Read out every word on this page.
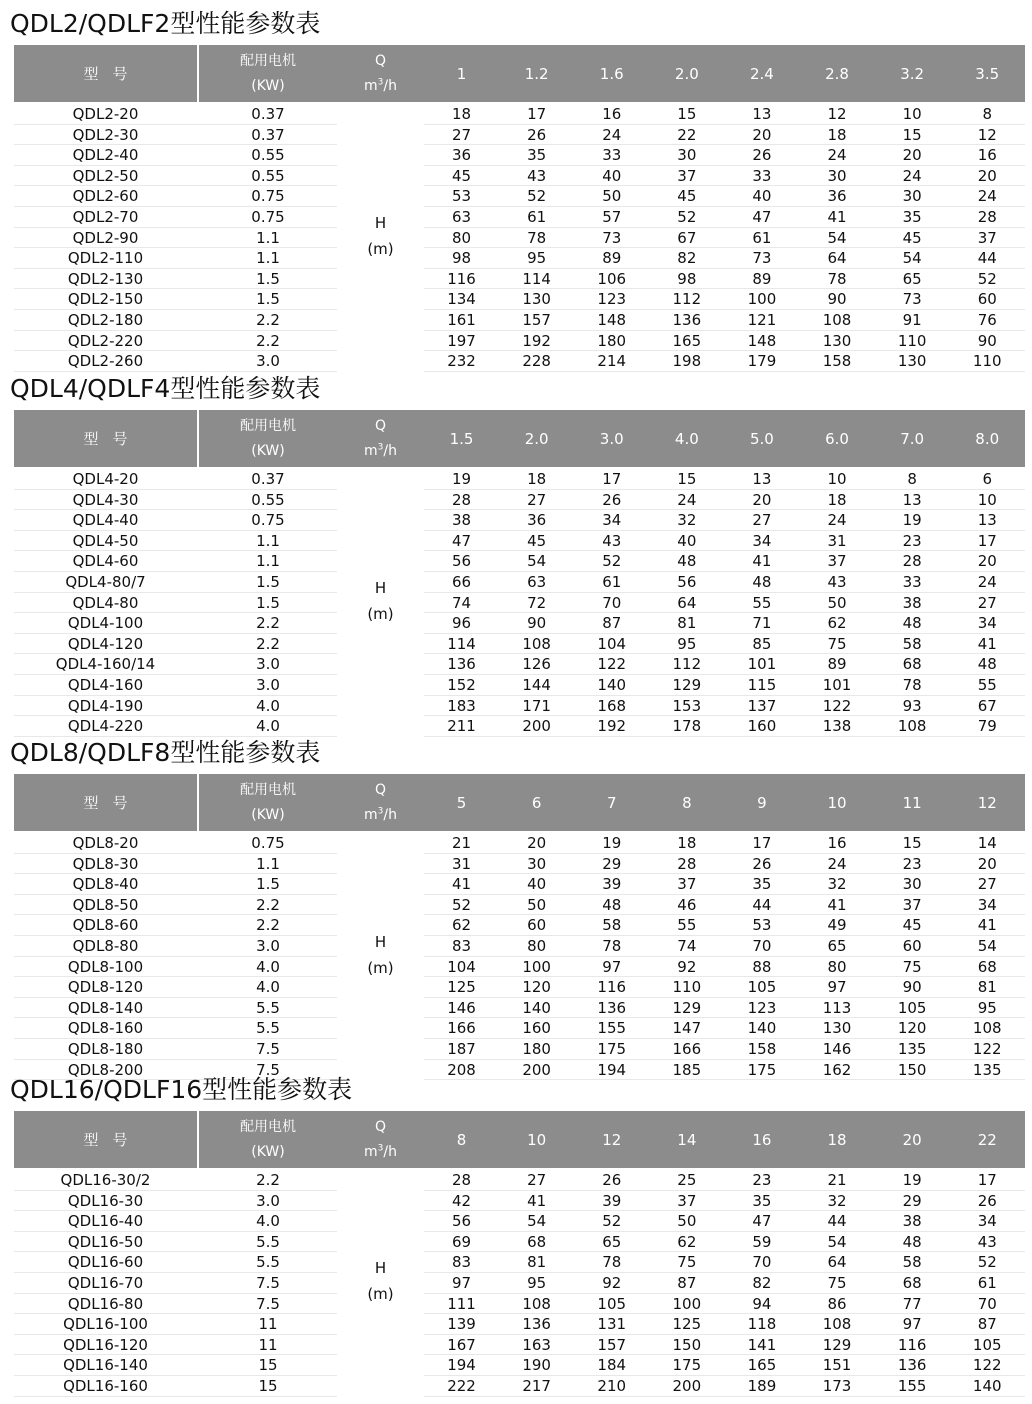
QDL2/QDLF2型性能参数表
型号
配用电机
(KW)
Q
$m^3/h$
1	1.2	1.6	2.0	2.4	2.8	3.2	3.5
QDL2-20	0.37	18	17	16	15	13	12	10	8
QDL2-30	0.37	27	26	24	22	20	18	15	12
QDL2-40	0.55	36	35	33	30	26	24	20	16
QDL2-50	0.55	45	43	40	37	33	30	24	20
QDL2-60	0.75	53	52	50	45	40	36	30	24
QDL2-70	0.75	63	61	57	52	47	41	35	28
QDL2-90	1.1	80	78	73	67	61	54	45	37
QDL2-110	1.1	98	95	89	82	73	64	54	44
QDL2-130	1.5	116	114	106	98	89	78	65	52
QDL2-150	1.5	134	130	123	112	100	90	73	60
QDL2-180	2.2	161	157	148	136	121	108	91	76
QDL2-220	2.2	197	192	180	165	148	130	110	90
QDL2-260	3.0	232	228	214	198	179	158	130	110
H
(m)
QDL4/QDLF4型性能参数表
型号
配用电机
(KW)
Q
$m^3/h$
1.5	2.0	3.0	4.0	5.0	6.0	7.0	8.0
QDL4-20	0.37	19	18	17	15	13	10	8	6
QDL4-30	0.55	28	27	26	24	20	18	13	10
QDL4-40	0.75	38	36	34	32	27	24	19	13
QDL4-50	1.1	47	45	43	40	34	31	23	17
QDL4-60	1.1	56	54	52	48	41	37	28	20
QDL4-80/7	1.5	66	63	61	56	48	43	33	24
QDL4-80	1.5	74	72	70	64	55	50	38	27
QDL4-100	2.2	96	90	87	81	71	62	48	34
QDL4-120	2.2	114	108	104	95	85	75	58	41
QDL4-160/14	3.0	136	126	122	112	101	89	68	48
QDL4-160	3.0	152	144	140	129	115	101	78	55
QDL4-190	4.0	183	171	168	153	137	122	93	67
QDL4-220	4.0	211	200	192	178	160	138	108	79
H
(m)
QDL8/QDLF8型性能参数表
型号
配用电机
(KW)
Q
$m^3/h$
5	6	7	8	9	10	11	12
QDL8-20	0.75	21	20	19	18	17	16	15	14
QDL8-30	1.1	31	30	29	28	26	24	23	20
QDL8-40	1.5	41	40	39	37	35	32	30	27
QDL8-50	2.2	52	50	48	46	44	41	37	34
QDL8-60	2.2	62	60	58	55	53	49	45	41
QDL8-80	3.0	83	80	78	74	70	65	60	54
QDL8-100	4.0	104	100	97	92	88	80	75	68
QDL8-120	4.0	125	120	116	110	105	97	90	81
QDL8-140	5.5	146	140	136	129	123	113	105	95
QDL8-160	5.5	166	160	155	147	140	130	120	108
QDL8-180	7.5	187	180	175	166	158	146	135	122
QDL8-200	7.5	208	200	194	185	175	162	150	135
H
(m)
QDL16/QDLF16型性能参数表
型号
配用电机
(KW)
Q
$m^3/h$
8	10	12	14	16	18	20	22
QDL16-30/2	2.2	28	27	26	25	23	21	19	17
QDL16-30	3.0	42	41	39	37	35	32	29	26
QDL16-40	4.0	56	54	52	50	47	44	38	34
QDL16-50	5.5	69	68	65	62	59	54	48	43
QDL16-60	5.5	83	81	78	75	70	64	58	52
QDL16-70	7.5	97	95	92	87	82	75	68	61
QDL16-80	7.5	111	108	105	100	94	86	77	70
QDL16-100	11	139	136	131	125	118	108	97	87
QDL16-120	11	167	163	157	150	141	129	116	105
QDL16-140	15	194	190	184	175	165	151	136	122
QDL16-160	15	222	217	210	200	189	173	155	140
H
(m)
